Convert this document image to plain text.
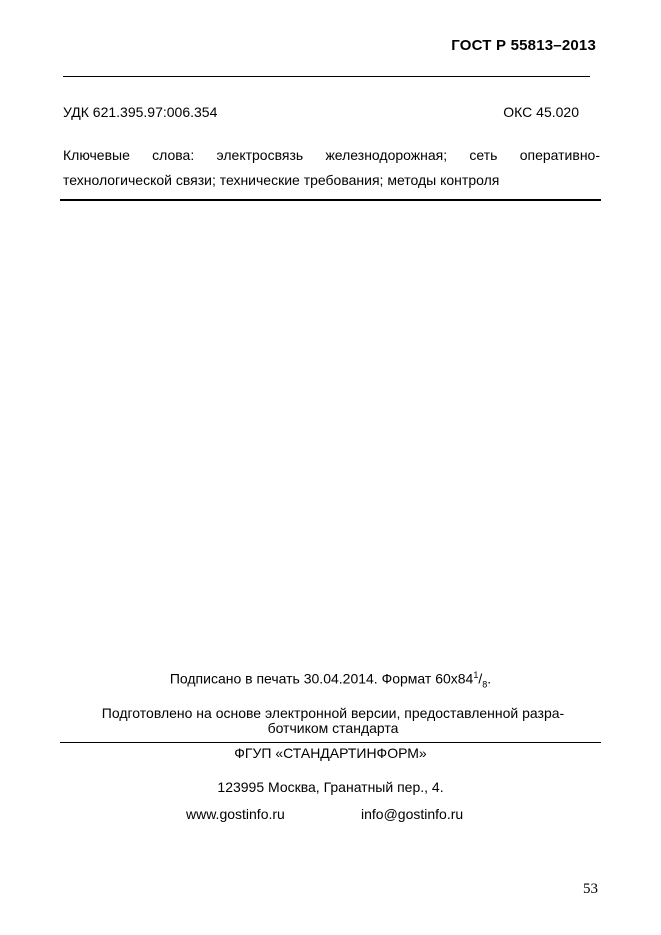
ГОСТ Р 55813–2013
УДК 621.395.97:006.354	ОКС 45.020
Ключевые слова: электросвязь железнодорожная; сеть оперативно-технологической связи; технические требования; методы контроля
Подписано в печать 30.04.2014. Формат $60х84^1/_8$.
Подготовлено на основе электронной версии, предоставленной разра-
ботчиком стандарта
ФГУП «СТАНДАРТИНФОРМ»
123995 Москва, Гранатный пер., 4.
www.gostinfo.ru	info@gostinfo.ru
53
